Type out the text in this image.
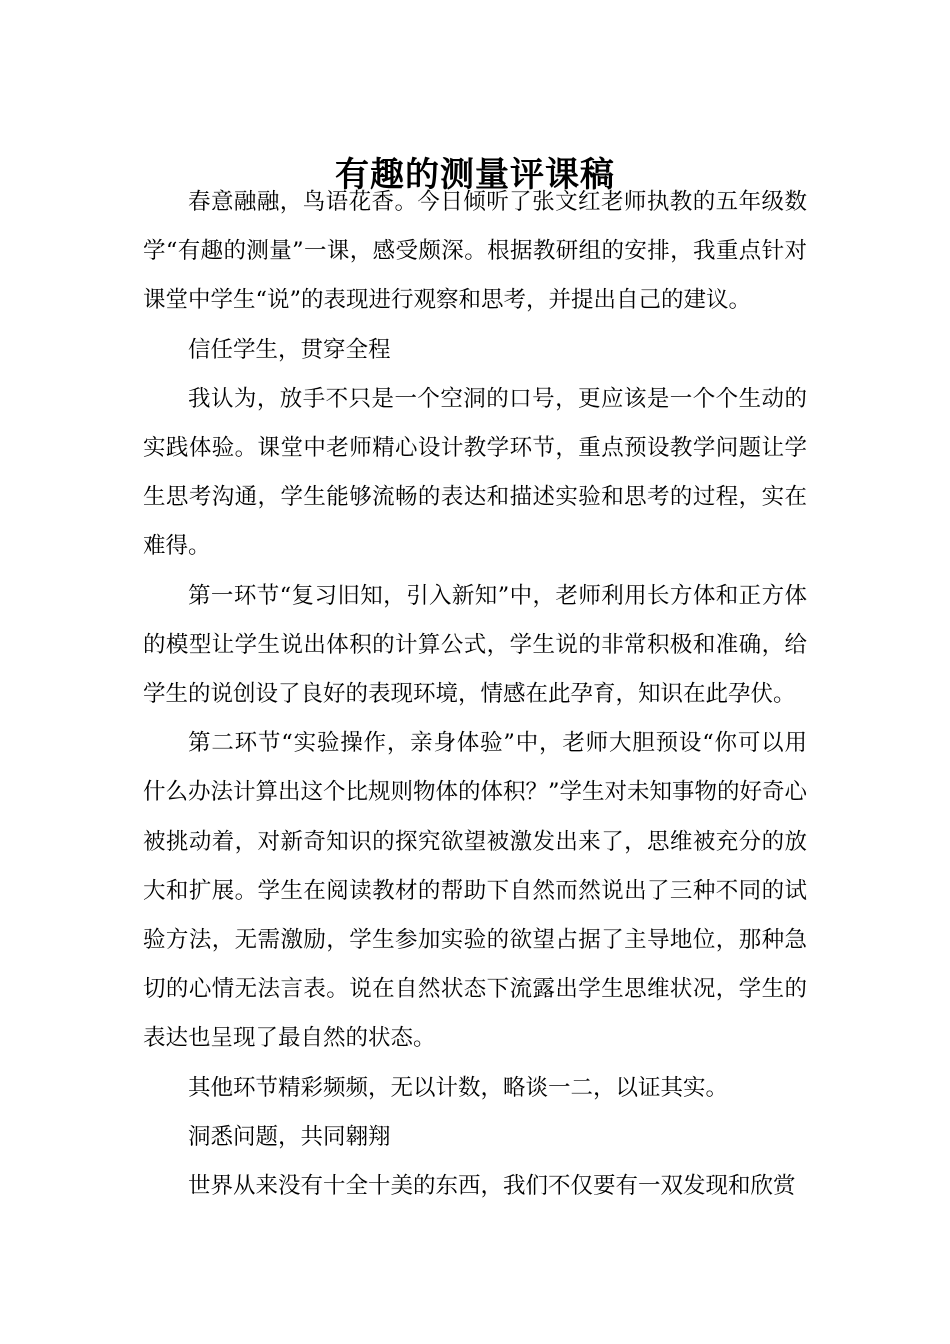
有趣的测量评课稿

春意融融，鸟语花香。今日倾听了张文红老师执教的五年级数学“有趣的测量”一课，感受颇深。根据教研组的安排，我重点针对课堂中学生“说”的表现进行观察和思考，并提出自己的建议。

信任学生，贯穿全程

我认为，放手不只是一个空洞的口号，更应该是一个个生动的实践体验。课堂中老师精心设计教学环节，重点预设教学问题让学生思考沟通，学生能够流畅的表达和描述实验和思考的过程，实在难得。

第一环节“复习旧知，引入新知”中，老师利用长方体和正方体的模型让学生说出体积的计算公式，学生说的非常积极和准确，给学生的说创设了良好的表现环境，情感在此孕育，知识在此孕伏。

第二环节“实验操作，亲身体验”中，老师大胆预设“你可以用什么办法计算出这个比规则物体的体积？”学生对未知事物的好奇心被挑动着，对新奇知识的探究欲望被激发出来了，思维被充分的放大和扩展。学生在阅读教材的帮助下自然而然说出了三种不同的试验方法，无需激励，学生参加实验的欲望占据了主导地位，那种急切的心情无法言表。说在自然状态下流露出学生思维状况，学生的表达也呈现了最自然的状态。

其他环节精彩频频，无以计数，略谈一二，以证其实。

洞悉问题，共同翱翔

世界从来没有十全十美的东西，我们不仅要有一双发现和欣赏
